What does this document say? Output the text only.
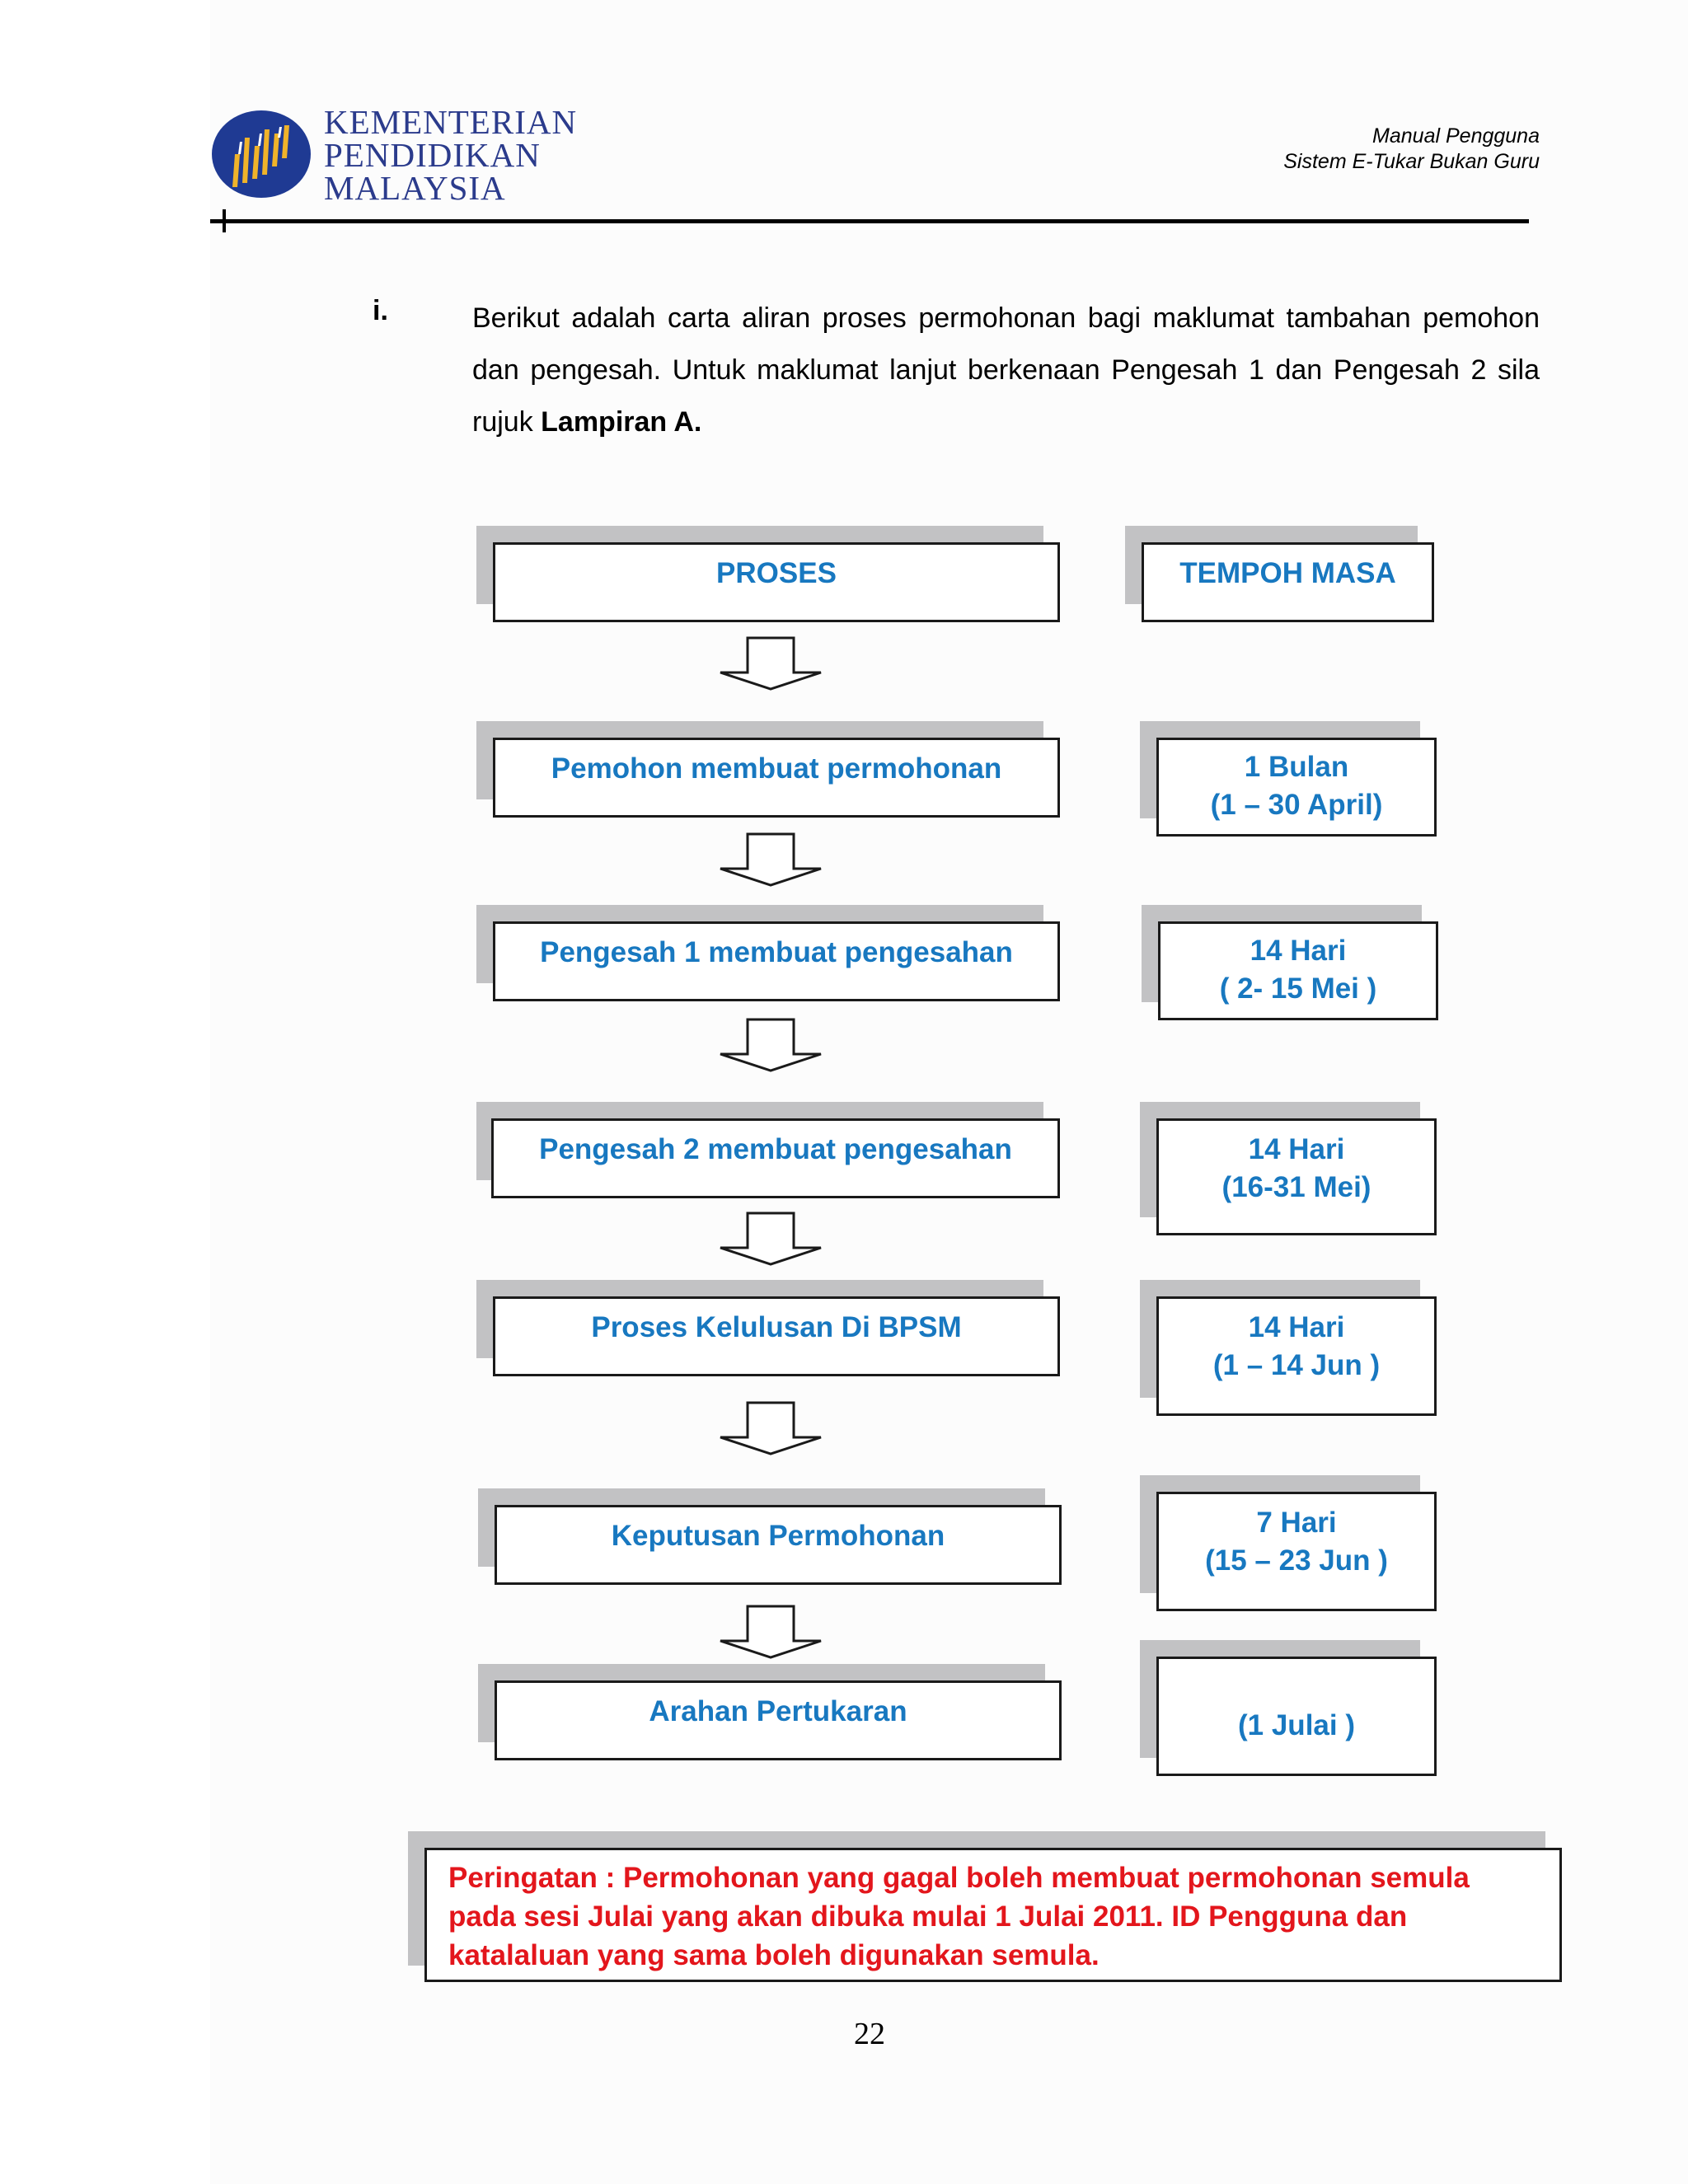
KEMENTERIAN
PENDIDIKAN
MALAYSIA
Manual Pengguna
Sistem E-Tukar Bukan Guru
i.	Berikut adalah carta aliran proses permohonan bagi maklumat tambahan pemohon dan pengesah. Untuk maklumat lanjut berkenaan Pengesah 1 dan Pengesah 2 sila rujuk Lampiran A.
PROSES	TEMPOH MASA
Pemohon membuat permohonan	1 Bulan
(1 – 30 April)
Pengesah 1 membuat pengesahan	14 Hari
( 2- 15 Mei )
Pengesah 2 membuat pengesahan	14 Hari
(16-31 Mei)
Proses Kelulusan Di BPSM	14 Hari
(1 – 14 Jun )
Keputusan Permohonan	7 Hari
(15 – 23 Jun )
Arahan Pertukaran	(1 Julai )
Peringatan : Permohonan yang gagal boleh membuat permohonan semula pada sesi Julai yang akan dibuka mulai 1 Julai 2011. ID Pengguna dan katalaluan yang sama boleh digunakan semula.
22
